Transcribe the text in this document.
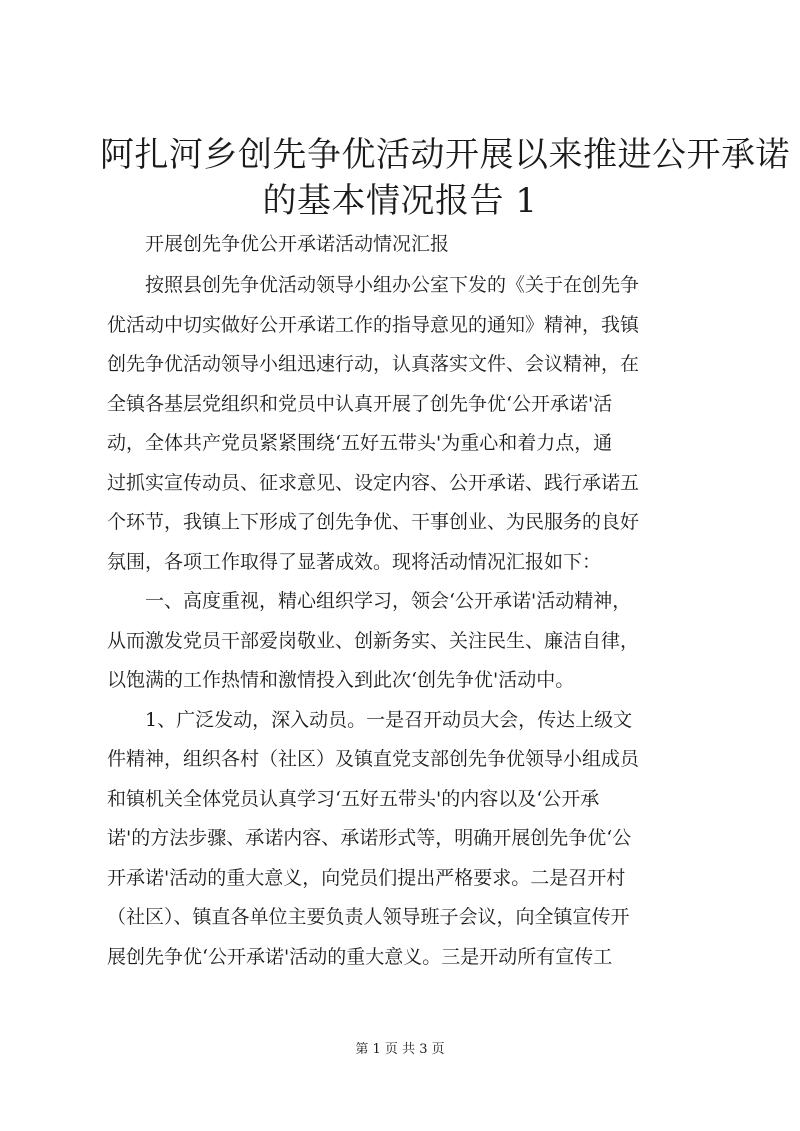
阿扎河乡创先争优活动开展以来推进公开承诺
的基本情况报告 1

开展创先争优公开承诺活动情况汇报

按照县创先争优活动领导小组办公室下发的《关于在创先争
优活动中切实做好公开承诺工作的指导意见的通知》精神，我镇
创先争优活动领导小组迅速行动，认真落实文件、会议精神，在
全镇各基层党组织和党员中认真开展了创先争优‘公开承诺'活
动，全体共产党员紧紧围绕‘五好五带头'为重心和着力点，通
过抓实宣传动员、征求意见、设定内容、公开承诺、践行承诺五
个环节，我镇上下形成了创先争优、干事创业、为民服务的良好
氛围，各项工作取得了显著成效。现将活动情况汇报如下：

一、高度重视，精心组织学习，领会‘公开承诺'活动精神，
从而激发党员干部爱岗敬业、创新务实、关注民生、廉洁自律，
以饱满的工作热情和激情投入到此次‘创先争优'活动中。

1、广泛发动，深入动员。一是召开动员大会，传达上级文
件精神，组织各村（社区）及镇直党支部创先争优领导小组成员
和镇机关全体党员认真学习‘五好五带头'的内容以及‘公开承
诺'的方法步骤、承诺内容、承诺形式等，明确开展创先争优‘公
开承诺'活动的重大意义，向党员们提出严格要求。二是召开村
（社区）、镇直各单位主要负责人领导班子会议，向全镇宣传开
展创先争优‘公开承诺'活动的重大意义。三是开动所有宣传工

第 1 页 共 3 页
